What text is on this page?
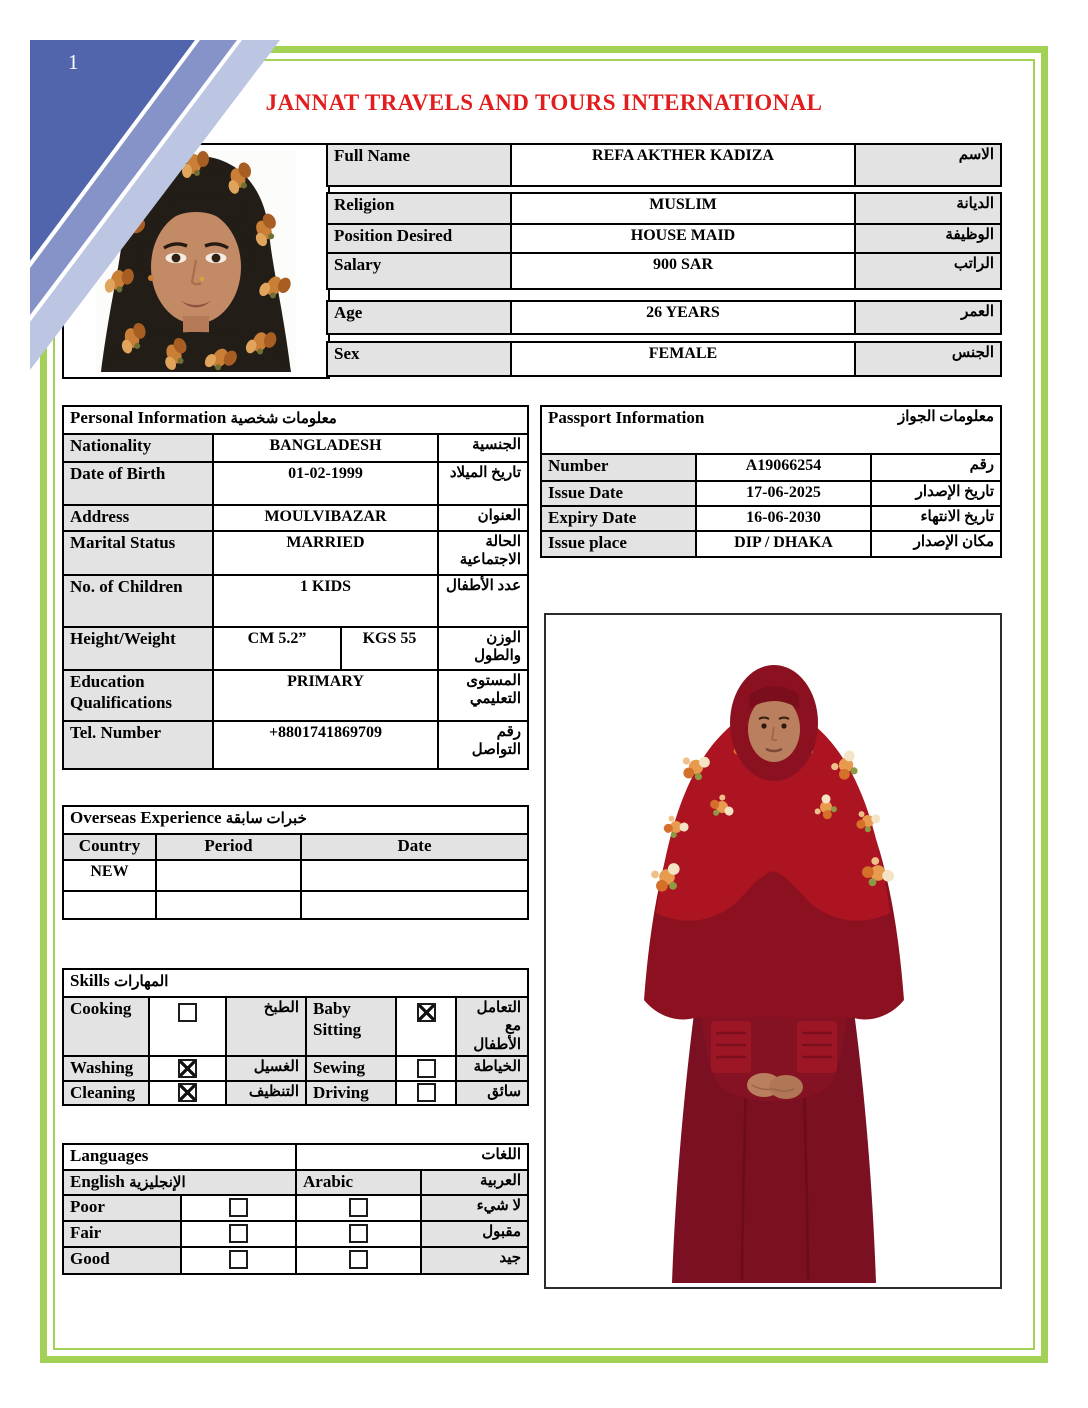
1
JANNAT TRAVELS AND TOURS INTERNATIONAL
Full Name	REFA AKTHER KADIZA	الاسم
Religion	MUSLIM	الديانة
Position Desired	HOUSE MAID	الوظيفة
Salary	900 SAR	الراتب
Age	26 YEARS	العمر
Sex	FEMALE	الجنس
Personal Information معلومات شخصية			
Nationality	BANGLADESH		الجنسية
Date of Birth	01-02-1999		تاريخ الميلاد
Address	MOULVIBAZAR		العنوان
Marital Status	MARRIED		الحالة الاجتماعية
No. of Children	1 KIDS		عدد الأطفال
Height/Weight	CM 5.2”	KGS 55	الوزن والطول
Education Qualifications	PRIMARY		المستوى التعليمي
Tel. Number	+8801741869709		رقم التواصل
Passport Information معلومات الجواز		

Number	A19066254	رقم
Issue Date	17-06-2025	تاريخ الإصدار
Expiry Date	16-06-2030	تاريخ الانتهاء
Issue place	DIP / DHAKA	مكان الإصدار
Overseas Experience خبرات سابقة		
Country	Period	Date
NEW		

Skills المهارات					
Cooking		الطبخ	Baby Sitting		التعامل مع الأطفال
Washing		الغسيل	Sewing		الخياطة
Cleaning		التنظيف	Driving		سائق
Languages		اللغات	
English الإنجليزية		Arabic	العربية
Poor			لا شيء
Fair			مقبول
Good			جيد
